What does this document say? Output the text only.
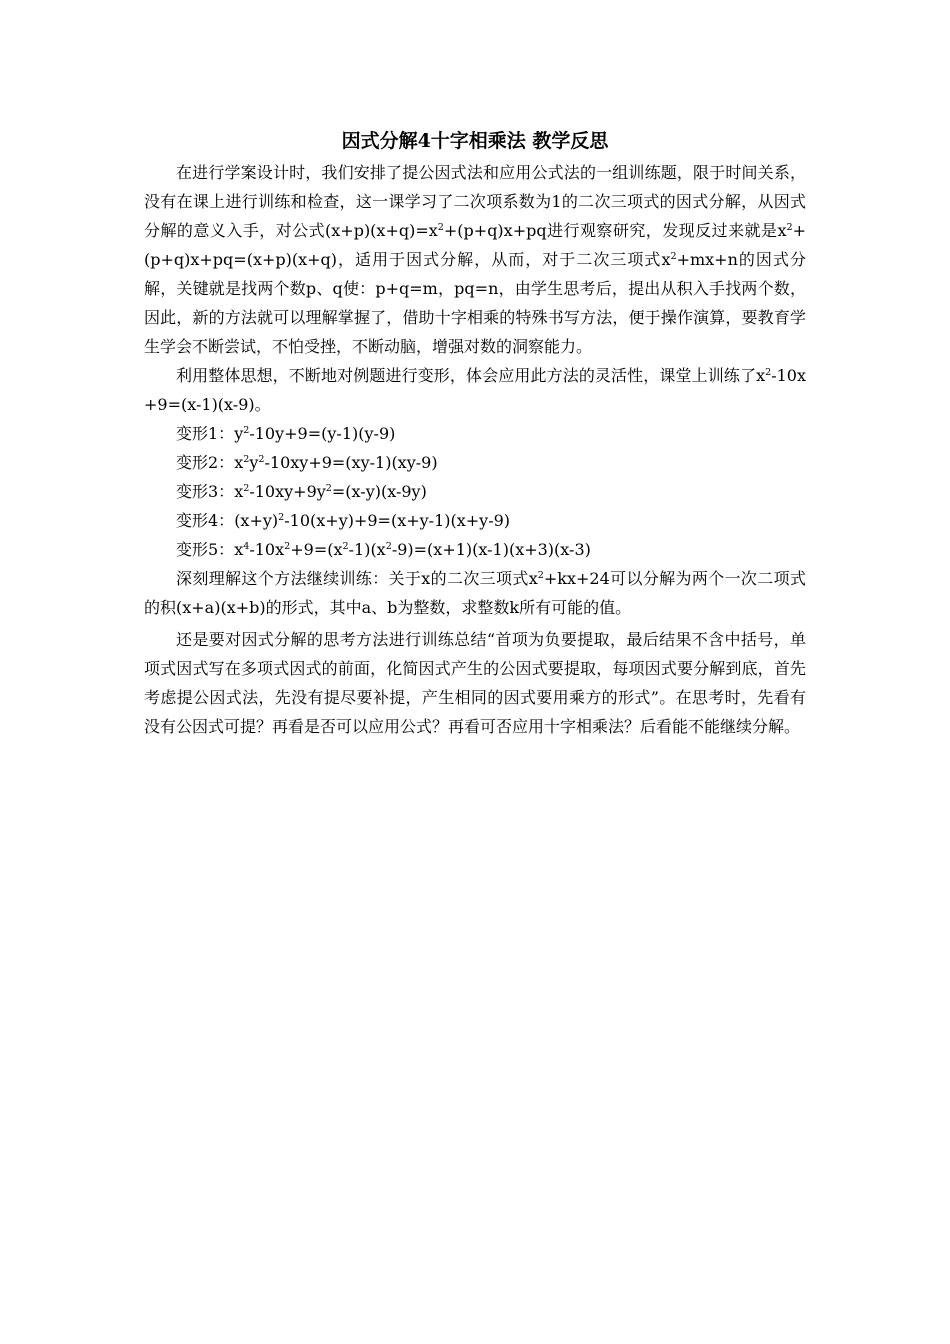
因式分解4十字相乘法 教学反思

在进行学案设计时，我们安排了提公因式法和应用公式法的一组训练题，限于时间关系，没有在课上进行训练和检查，这一课学习了二次项系数为1的二次三项式的因式分解，从因式分解的意义入手，对公式$(x+p)(x+q)=x^2+(p+q)x+pq$进行观察研究，发现反过来就是$x^2+(p+q)x+pq=(x+p)(x+q)$，适用于因式分解，从而，对于二次三项式$x^2+mx+n$的因式分解，关键就是找两个数p、q使：p+q=m，pq=n，由学生思考后，提出从积入手找两个数，因此，新的方法就可以理解掌握了，借助十字相乘的特殊书写方法，便于操作演算，要教育学生学会不断尝试，不怕受挫，不断动脑，增强对数的洞察能力。

利用整体思想，不断地对例题进行变形，体会应用此方法的灵活性，课堂上训练了$x^2-10x+9=(x-1)(x-9)$。

变形1：$y^2-10y+9=(y-1)(y-9)$

变形2：$x^2y^2-10xy+9=(xy-1)(xy-9)$

变形3：$x^2-10xy+9y^2=(x-y)(x-9y)$

变形4：$(x+y)^2-10(x+y)+9=(x+y-1)(x+y-9)$

变形5：$x^4-10x^2+9=(x^2-1)(x^2-9)=(x+1)(x-1)(x+3)(x-3)$

深刻理解这个方法继续训练：关于x的二次三项式$x^2+kx+24$可以分解为两个一次二项式的积(x+a)(x+b)的形式，其中a、b为整数，求整数k所有可能的值。

还是要对因式分解的思考方法进行训练总结“首项为负要提取，最后结果不含中括号，单项式因式写在多项式因式的前面，化简因式产生的公因式要提取，每项因式要分解到底，首先考虑提公因式法，先没有提尽要补提，产生相同的因式要用乘方的形式”。在思考时，先看有没有公因式可提？再看是否可以应用公式？再看可否应用十字相乘法？后看能不能继续分解。
